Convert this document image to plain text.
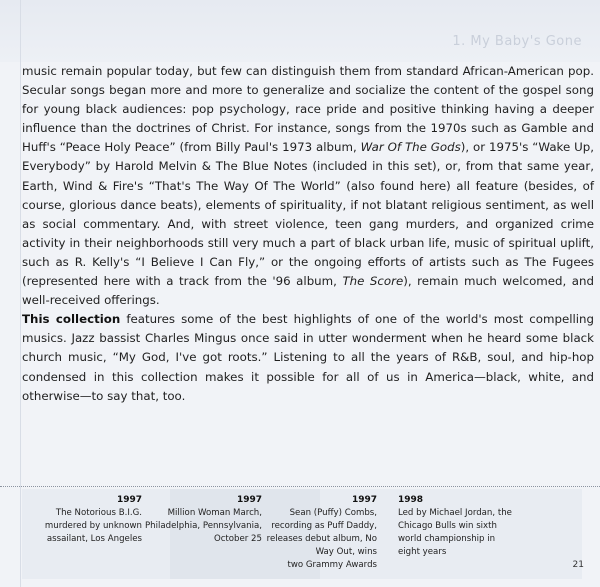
1. My Baby's Gone

music remain popular today, but few can distinguish them from standard African-American pop. Secular songs began more and more to generalize and socialize the content of the gospel song for young black audiences: pop psychology, race pride and positive thinking having a deeper influence than the doctrines of Christ. For instance, songs from the 1970s such as Gamble and Huff's “Peace Holy Peace” (from Billy Paul's 1973 album, War Of The Gods), or 1975's “Wake Up, Everybody” by Harold Melvin & The Blue Notes (included in this set), or, from that same year, Earth, Wind & Fire's “That's The Way Of The World” (also found here) all feature (besides, of course, glorious dance beats), elements of spirituality, if not blatant religious sentiment, as well as social commentary. And, with street violence, teen gang murders, and organized crime activity in their neighborhoods still very much a part of black urban life, music of spiritual uplift, such as R. Kelly's “I Believe I Can Fly,” or the ongoing efforts of artists such as The Fugees (represented here with a track from the '96 album, The Score), remain much welcomed, and well-received offerings.

This collection features some of the best highlights of one of the world's most compelling musics. Jazz bassist Charles Mingus once said in utter wonderment when he heard some black church music, “My God, I've got roots.” Listening to all the years of R&B, soul, and hip-hop condensed in this collection makes it possible for all of us in America—black, white, and otherwise—to say that, too.

1997
The Notorious B.I.G.
murdered by unknown
assailant, Los Angeles
1997
Million Woman March,
Philadelphia, Pennsylvania,
October 25
1997
Sean (Puffy) Combs,
recording as Puff Daddy,
releases debut album, No
Way Out, wins
two Grammy Awards
1998
Led by Michael Jordan, the
Chicago Bulls win sixth
world championship in
eight years
21
